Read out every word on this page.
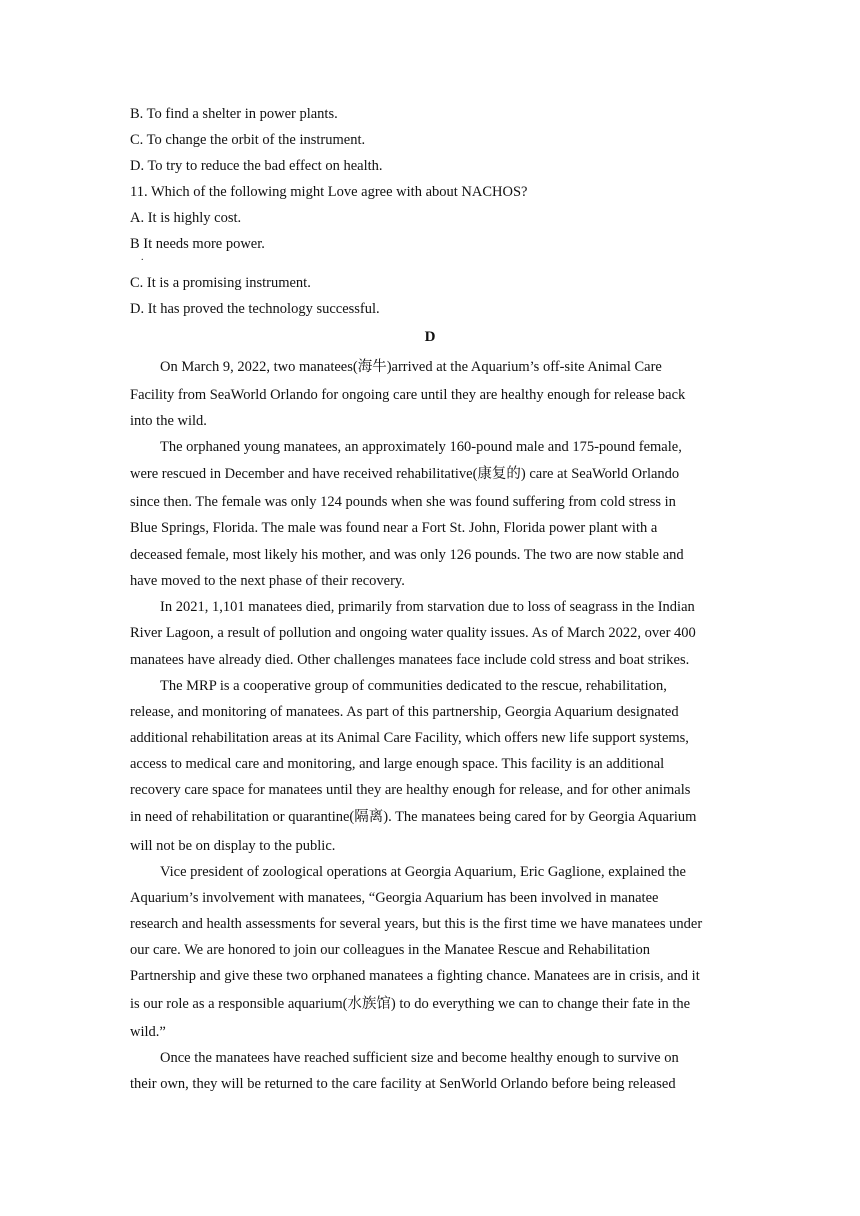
B. To find a shelter in power plants.
C. To change the orbit of the instrument.
D. To try to reduce the bad effect on health.
11. Which of the following might Love agree with about NACHOS?
A. It is highly cost.
B It needs more power.
.
C. It is a promising instrument.
D. It has proved the technology successful.
D
On March 9, 2022, two manatees(海牛)arrived at the Aquarium’s off-site Animal Care
Facility from SeaWorld Orlando for ongoing care until they are healthy enough for release back
into the wild.
The orphaned young manatees, an approximately 160-pound male and 175-pound female,
were rescued in December and have received rehabilitative(康复的) care at SeaWorld Orlando
since then. The female was only 124 pounds when she was found suffering from cold stress in
Blue Springs, Florida. The male was found near a Fort St. John, Florida power plant with a
deceased female, most likely his mother, and was only 126 pounds. The two are now stable and
have moved to the next phase of their recovery.
In 2021, 1,101 manatees died, primarily from starvation due to loss of seagrass in the Indian
River Lagoon, a result of pollution and ongoing water quality issues. As of March 2022, over 400
manatees have already died. Other challenges manatees face include cold stress and boat strikes.
The MRP is a cooperative group of communities dedicated to the rescue, rehabilitation,
release, and monitoring of manatees. As part of this partnership, Georgia Aquarium designated
additional rehabilitation areas at its Animal Care Facility, which offers new life support systems,
access to medical care and monitoring, and large enough space. This facility is an additional
recovery care space for manatees until they are healthy enough for release, and for other animals
in need of rehabilitation or quarantine(隔离). The manatees being cared for by Georgia Aquarium
will not be on display to the public.
Vice president of zoological operations at Georgia Aquarium, Eric Gaglione, explained the
Aquarium’s involvement with manatees, “Georgia Aquarium has been involved in manatee
research and health assessments for several years, but this is the first time we have manatees under
our care. We are honored to join our colleagues in the Manatee Rescue and Rehabilitation
Partnership and give these two orphaned manatees a fighting chance. Manatees are in crisis, and it
is our role as a responsible aquarium(水族馆) to do everything we can to change their fate in the
wild.”
Once the manatees have reached sufficient size and become healthy enough to survive on
their own, they will be returned to the care facility at SenWorld Orlando before being released
